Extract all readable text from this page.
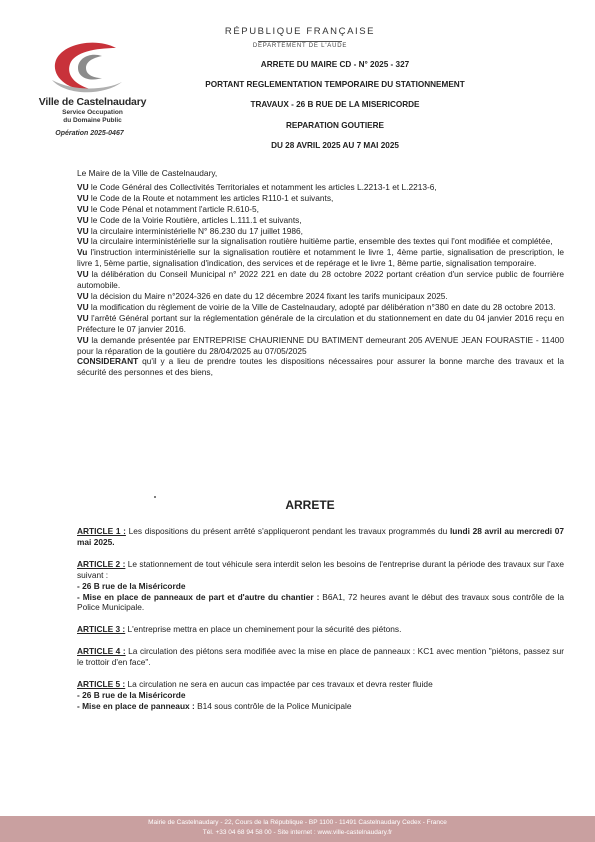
Ville de Castelnaudary
Service Occupation
du Domaine Public
Opération 2025-0467
RÉPUBLIQUE FRANÇAISE
DÉPARTEMENT DE L'AUDE
ARRETE DU MAIRE CD - N° 2025 - 327
PORTANT REGLEMENTATION TEMPORAIRE DU STATIONNEMENT
TRAVAUX - 26 B RUE DE LA MISERICORDE
REPARATION GOUTIERE
DU 28 AVRIL 2025 AU 7 MAI 2025

Le Maire de la Ville de Castelnaudary,

VU le Code Général des Collectivités Territoriales et notamment les articles L.2213-1 et L.2213-6,

VU le Code de la Route et notamment les articles R110-1 et suivants,

VU le Code Pénal et notamment l'article R.610-5,

VU le Code de la Voirie Routière, articles L.111.1 et suivants,

VU la circulaire interministérielle N° 86.230 du 17 juillet 1986,

VU la circulaire interministérielle sur la signalisation routière huitième partie, ensemble des textes qui l'ont modifiée et complétée,

Vu l'instruction interministérielle sur la signalisation routière et notamment le livre 1, 4ème partie, signalisation de prescription, le livre 1, 5ème partie, signalisation d'indication, des services et de repérage et le livre 1, 8ème partie, signalisation temporaire.

VU la délibération du Conseil Municipal n° 2022 221 en date du 28 octobre 2022 portant création d'un service public de fourrière automobile.

VU la décision du Maire n°2024-326 en date du 12 décembre 2024 fixant les tarifs municipaux 2025.

VU la modification du règlement de voirie de la Ville de Castelnaudary, adopté par délibération n°380 en date du 28 octobre 2013.

VU l'arrêté Général portant sur la réglementation générale de la circulation et du stationnement en date du 04 janvier 2016 reçu en Préfecture le 07 janvier 2016.

VU la demande présentée par ENTREPRISE CHAURIENNE DU BATIMENT demeurant 205 AVENUE JEAN FOURASTIE - 11400 pour la réparation de la goutière du 28/04/2025 au 07/05/2025

CONSIDERANT qu'il y a lieu de prendre toutes les dispositions nécessaires pour assurer la bonne marche des travaux et la sécurité des personnes et des biens,

ARRETE
ARTICLE 1 : Les dispositions du présent arrêté s'appliqueront pendant les travaux programmés du lundi 28 avril au mercredi 07 mai 2025.
ARTICLE 2 : Le stationnement de tout véhicule sera interdit selon les besoins de l'entreprise durant la période des travaux sur l'axe suivant :
- 26 B rue de la Miséricorde
- Mise en place de panneaux de part et d'autre du chantier : B6A1, 72 heures avant le début des travaux sous contrôle de la Police Municipale.
ARTICLE 3 : L'entreprise mettra en place un cheminement pour la sécurité des piétons.
ARTICLE 4 : La circulation des piétons sera modifiée avec la mise en place de panneaux : KC1 avec mention "piétons, passez sur le trottoir d'en face".
ARTICLE 5 : La circulation ne sera en aucun cas impactée par ces travaux et devra rester fluide
- 26 B rue de la Miséricorde
- Mise en place de panneaux : B14 sous contrôle de la Police Municipale
Mairie de Castelnaudary - 22, Cours de la République - BP 1100 - 11491 Castelnaudary Cedex - France
Tél. +33 04 68 94 58 00 - Site internet : www.ville-castelnaudary.fr
